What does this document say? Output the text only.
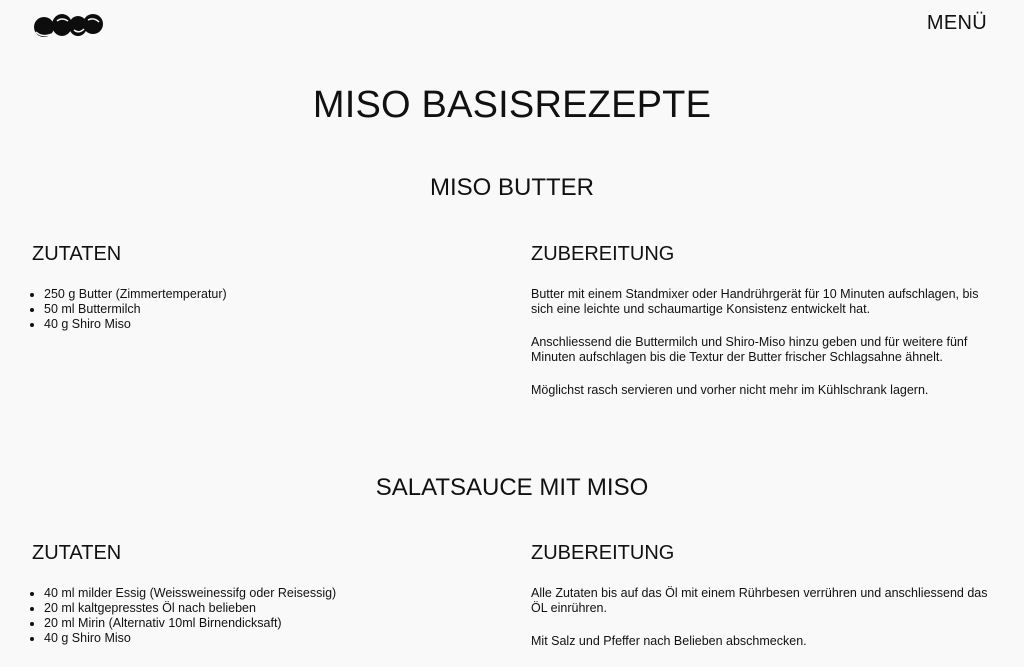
MENÜ
MISO BASISREZEPTE
MISO BUTTER
ZUTATEN
• 250 g Butter (Zimmertemperatur)
• 50 ml Buttermilch
• 40 g Shiro Miso
ZUBEREITUNG

Butter mit einem Standmixer oder Handrührgerät für 10 Minuten aufschlagen, bis sich eine leichte und schaumartige Konsistenz entwickelt hat.

Anschliessend die Buttermilch und Shiro-Miso hinzu geben und für weitere fünf Minuten aufschlagen bis die Textur der Butter frischer Schlagsahne ähnelt.

Möglichst rasch servieren und vorher nicht mehr im Kühlschrank lagern.

SALATSAUCE MIT MISO
ZUTATEN
• 40 ml milder Essig (Weissweinessifg oder Reisessig)
• 20 ml kaltgepresstes Öl nach belieben
• 20 ml Mirin (Alternativ 10ml Birnendicksaft)
• 40 g Shiro Miso
ZUBEREITUNG

Alle Zutaten bis auf das Öl mit einem Rührbesen verrühren und anschliessend das ÖL einrühren.

Mit Salz und Pfeffer nach Belieben abschmecken.
